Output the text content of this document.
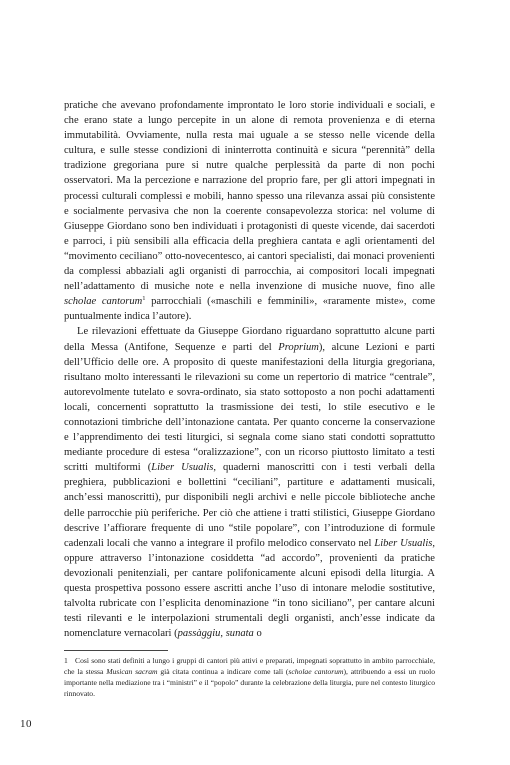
pratiche che avevano profondamente improntato le loro storie individuali e sociali, e che erano state a lungo percepite in un alone di remota provenienza e di eterna immutabilità. Ovviamente, nulla resta mai uguale a se stesso nelle vicende della cultura, e sulle stesse condizioni di ininterrotta continuità e sicura “perennità” della tradizione gregoriana pure si nutre qualche perplessità da parte di non pochi osservatori. Ma la percezione e narrazione del proprio fare, per gli attori impegnati in processi culturali complessi e mobili, hanno spesso una rilevanza assai più consistente e socialmente pervasiva che non la coerente consapevolezza storica: nel volume di Giuseppe Giordano sono ben individuati i protagonisti di queste vicende, dai sacerdoti e parroci, i più sensibili alla efficacia della preghiera cantata e agli orientamenti del “movimento ceciliano” otto-novecentesco, ai cantori specialisti, dai monaci provenienti da complessi abbaziali agli organisti di parrocchia, ai compositori locali impegnati nell’adattamento di musiche note e nella invenzione di musiche nuove, fino alle scholae cantorum$^1$ parrocchiali («maschili e femminili», «raramente miste», come puntualmente indica l’autore).

Le rilevazioni effettuate da Giuseppe Giordano riguardano soprattutto alcune parti della Messa (Antifone, Sequenze e parti del Proprium), alcune Lezioni e parti dell’Ufficio delle ore. A proposito di queste manifestazioni della liturgia gregoriana, risultano molto interessanti le rilevazioni su come un repertorio di matrice “centrale”, autorevolmente tutelato e sovra-ordinato, sia stato sottoposto a non pochi adattamenti locali, concernenti soprattutto la trasmissione dei testi, lo stile esecutivo e le connotazioni timbriche dell’intonazione cantata. Per quanto concerne la conservazione e l’apprendimento dei testi liturgici, si segnala come siano stati condotti soprattutto mediante procedure di estesa “oralizzazione”, con un ricorso piuttosto limitato a testi scritti multiformi (Liber Usualis, quaderni manoscritti con i testi verbali della preghiera, pubblicazioni e bollettini “ceciliani”, partiture e adattamenti musicali, anch’essi manoscritti), pur disponibili negli archivi e nelle piccole biblioteche anche delle parrocchie più periferiche. Per ciò che attiene i tratti stilistici, Giuseppe Giordano descrive l’affiorare frequente di uno “stile popolare”, con l’introduzione di formule cadenzali locali che vanno a integrare il profilo melodico conservato nel Liber Usualis, oppure attraverso l’intonazione cosiddetta “ad accordo”, provenienti da pratiche devozionali penitenziali, per cantare polifonicamente alcuni episodi della liturgia. A questa prospettiva possono essere ascritti anche l’uso di intonare melodie sostitutive, talvolta rubricate con l’esplicita denominazione “in tono siciliano”, per cantare alcuni testi rilevanti e le interpolazioni strumentali degli organisti, anch’esse indicate da nomenclature vernacolari (passàggiu, sunata o

1 Così sono stati definiti a lungo i gruppi di cantori più attivi e preparati, impegnati soprattutto in ambito parrocchiale, che la stessa Musican sacram già citata continua a indicare come tali (scholae cantorum), attribuendo a essi un ruolo importante nella mediazione tra i “ministri” e il “popolo” durante la celebrazione della liturgia, pure nel contesto liturgico rinnovato.

10
